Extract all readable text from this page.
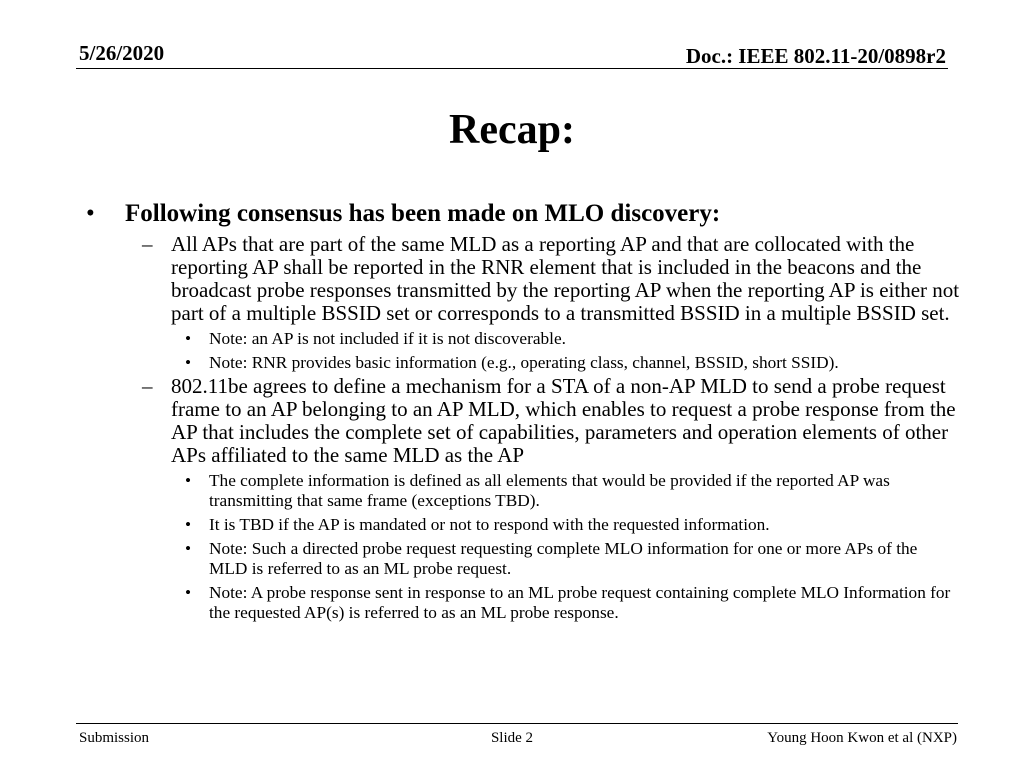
5/26/2020	Doc.: IEEE 802.11-20/0898r2
Recap:
• Following consensus has been made on MLO discovery:
– All APs that are part of the same MLD as a reporting AP and that are collocated with the reporting AP shall be reported in the RNR element that is included in the beacons and the broadcast probe responses transmitted by the reporting AP when the reporting AP is either not part of a multiple BSSID set or corresponds to a transmitted BSSID in a multiple BSSID set.
• Note: an AP is not included if it is not discoverable.
• Note: RNR provides basic information (e.g., operating class, channel, BSSID, short SSID).
– 802.11be agrees to define a mechanism for a STA of a non-AP MLD to send a probe request frame to an AP belonging to an AP MLD, which enables to request a probe response from the AP that includes the complete set of capabilities, parameters and operation elements of other APs affiliated to the same MLD as the AP
• The complete information is defined as all elements that would be provided if the reported AP was transmitting that same frame (exceptions TBD).
• It is TBD if the AP is mandated or not to respond with the requested information.
• Note: Such a directed probe request requesting complete MLO information for one or more APs of the MLD is referred to as an ML probe request.
• Note: A probe response sent in response to an ML probe request containing complete MLO Information for the requested AP(s) is referred to as an ML probe response.
Submission	Slide 2	Young Hoon Kwon et al (NXP)
